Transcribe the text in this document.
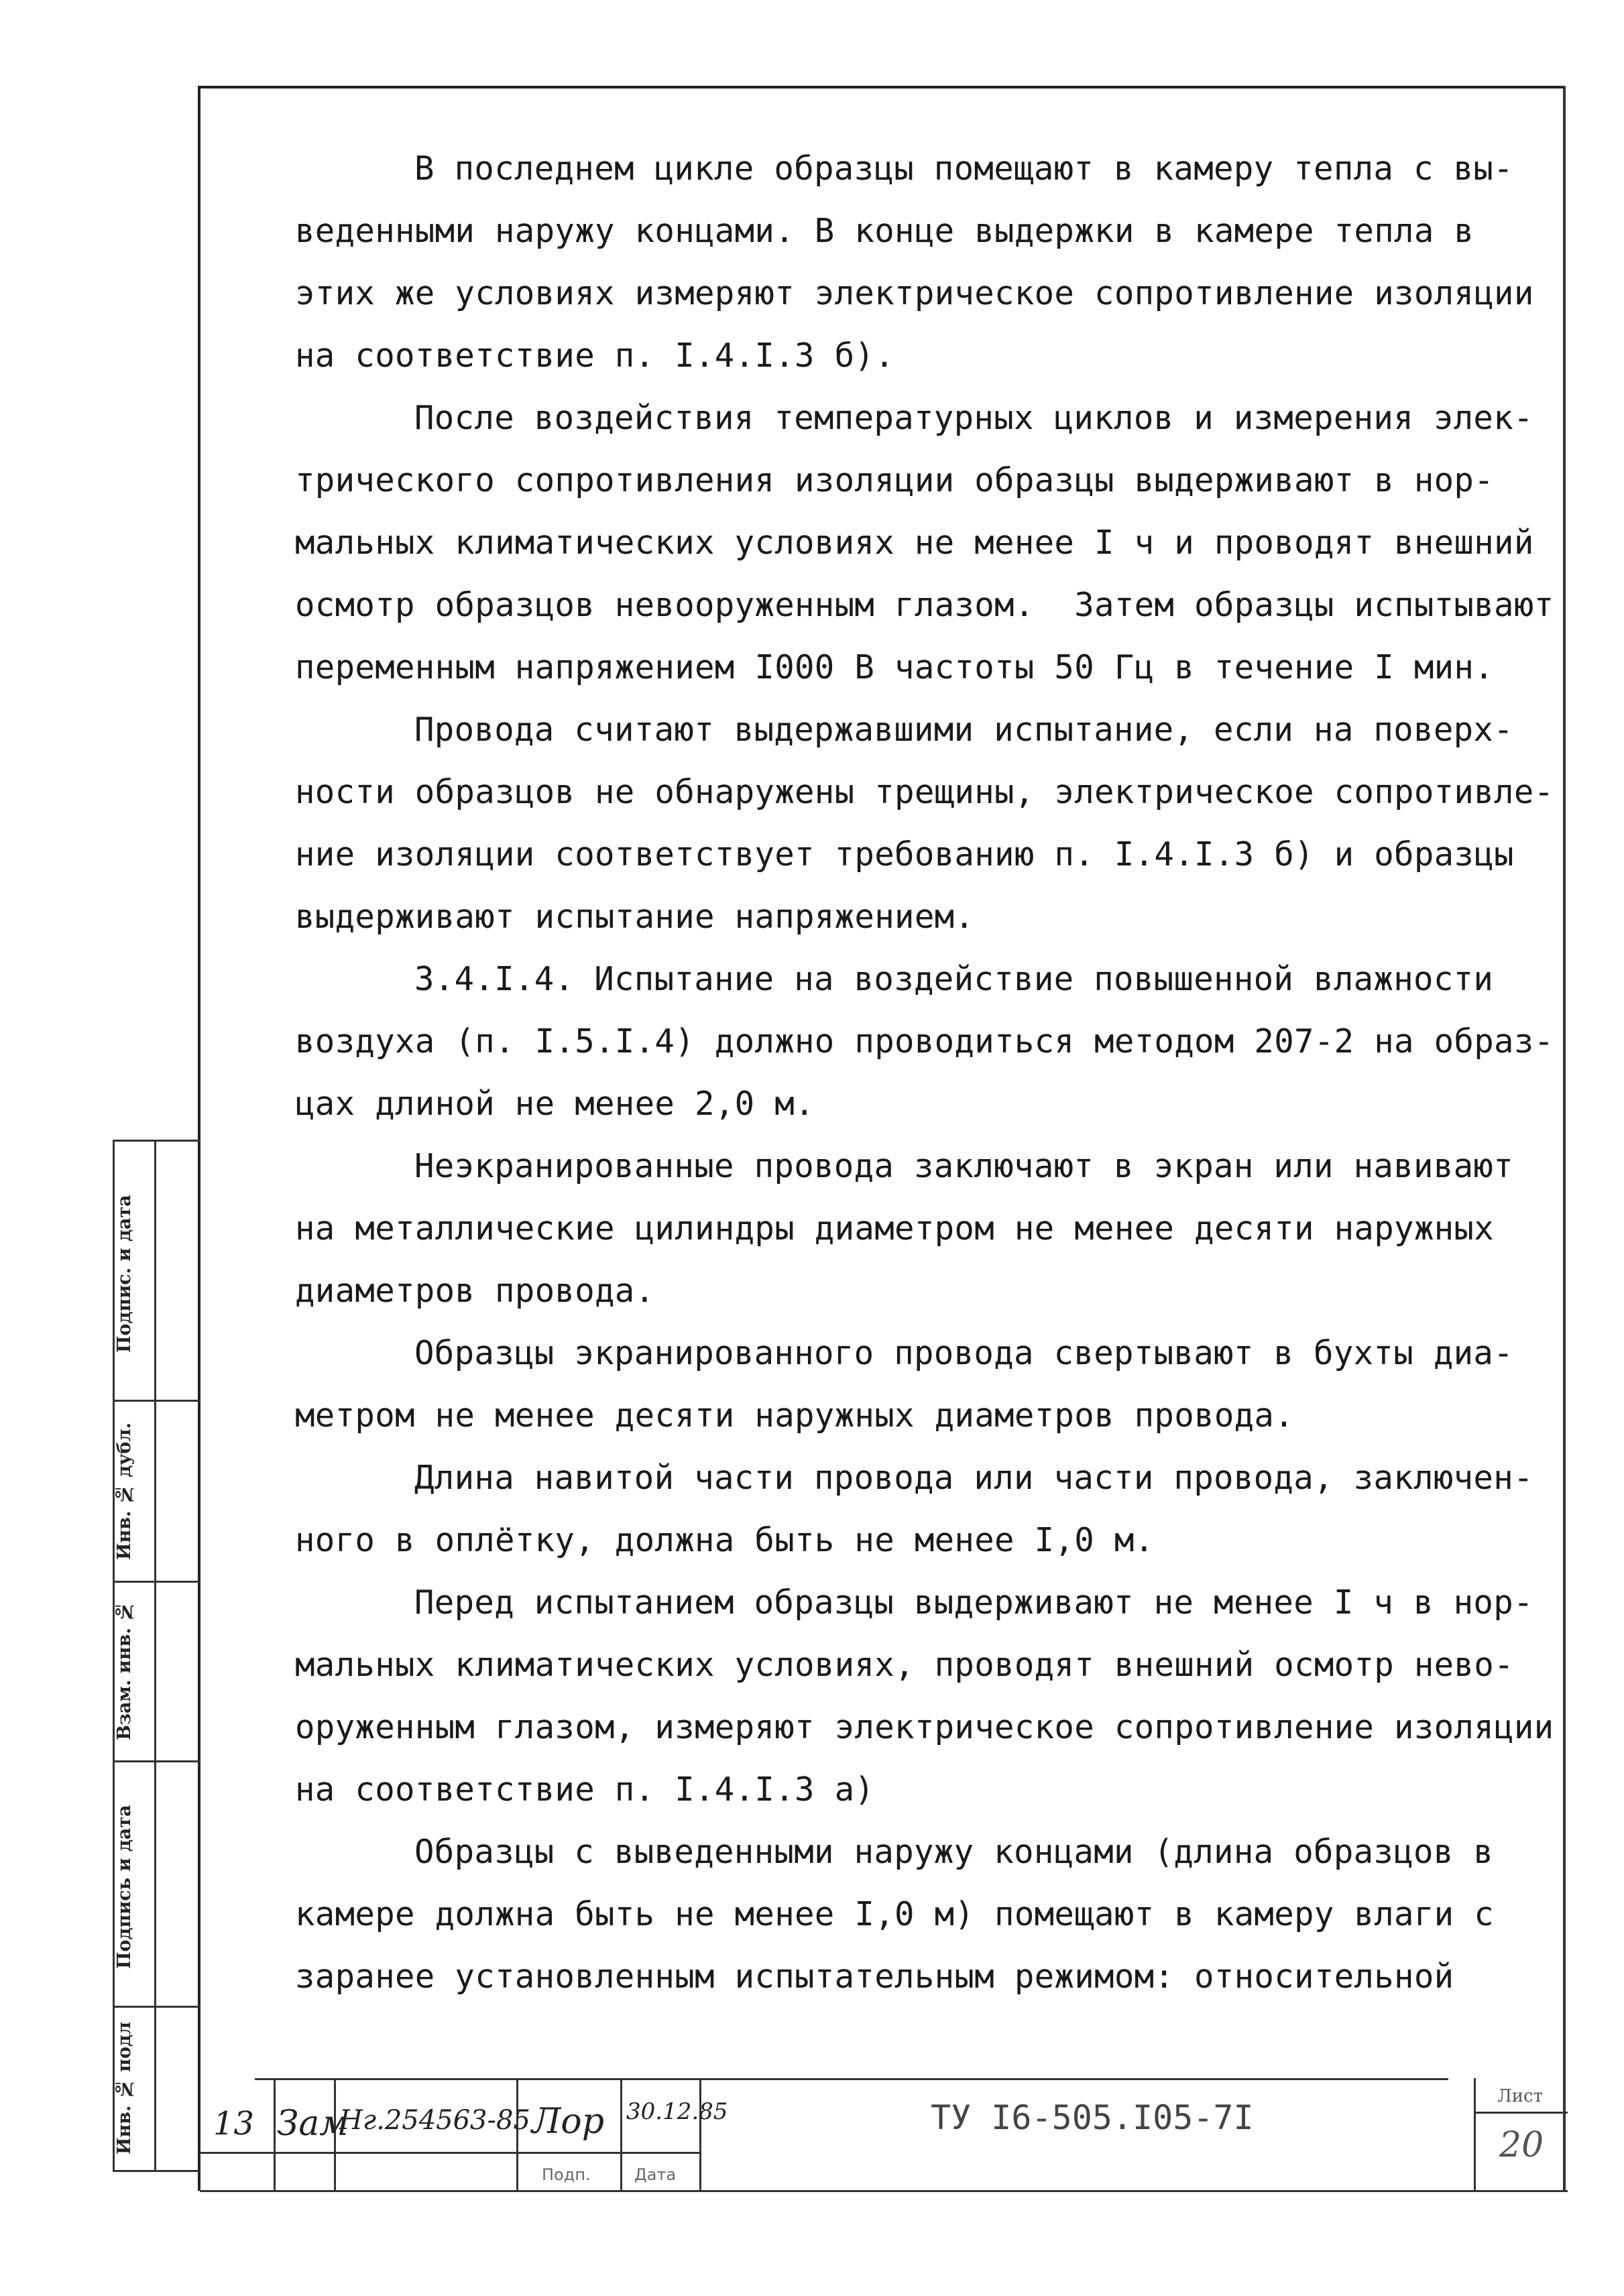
В последнем цикле образцы помещают в камеру тепла с вы-
веденными наружу концами. В конце выдержки в камере тепла в
этих же условиях измеряют электрическое сопротивление изоляции
на соответствие п. I.4.I.3 б).
После воздействия температурных циклов и измерения элек-
трического сопротивления изоляции образцы выдерживают в нор-
мальных климатических условиях не менее I ч и проводят внешний
осмотр образцов невооруженным глазом.  Затем образцы испытывают
переменным напряжением I000 В частоты 50 Гц в течение I мин.
Провода считают выдержавшими испытание, если на поверх-
ности образцов не обнаружены трещины, электрическое сопротивле-
ние изоляции соответствует требованию п. I.4.I.3 б) и образцы
выдерживают испытание напряжением.
3.4.I.4. Испытание на воздействие повышенной влажности
воздуха (п. I.5.I.4) должно проводиться методом 207-2 на образ-
цах длиной не менее 2,0 м.
Неэкранированные провода заключают в экран или навивают
на металлические цилиндры диаметром не менее десяти наружных
диаметров провода.
Образцы экранированного провода свертывают в бухты диа-
метром не менее десяти наружных диаметров провода.
Длина навитой части провода или части провода, заключен-
ного в оплётку, должна быть не менее I,0 м.
Перед испытанием образцы выдерживают не менее I ч в нор-
мальных климатических условиях, проводят внешний осмотр нево-
оруженным глазом, измеряют электрическое сопротивление изоляции
на соответствие п. I.4.I.3 а)
Образцы с выведенными наружу концами (длина образцов в
камере должна быть не менее I,0 м) помещают в камеру влаги с
заранее установленным испытательным режимом: относительной
Подпис. и дата
Инв. № дубл.
Взам. инв. №
Подпись и дата
Инв. № подл	13 Зам
Нг.254563-85 Лор 30.12.85
Подп.	Дата
ТУ I6-505.I05-7I
Лист
20
